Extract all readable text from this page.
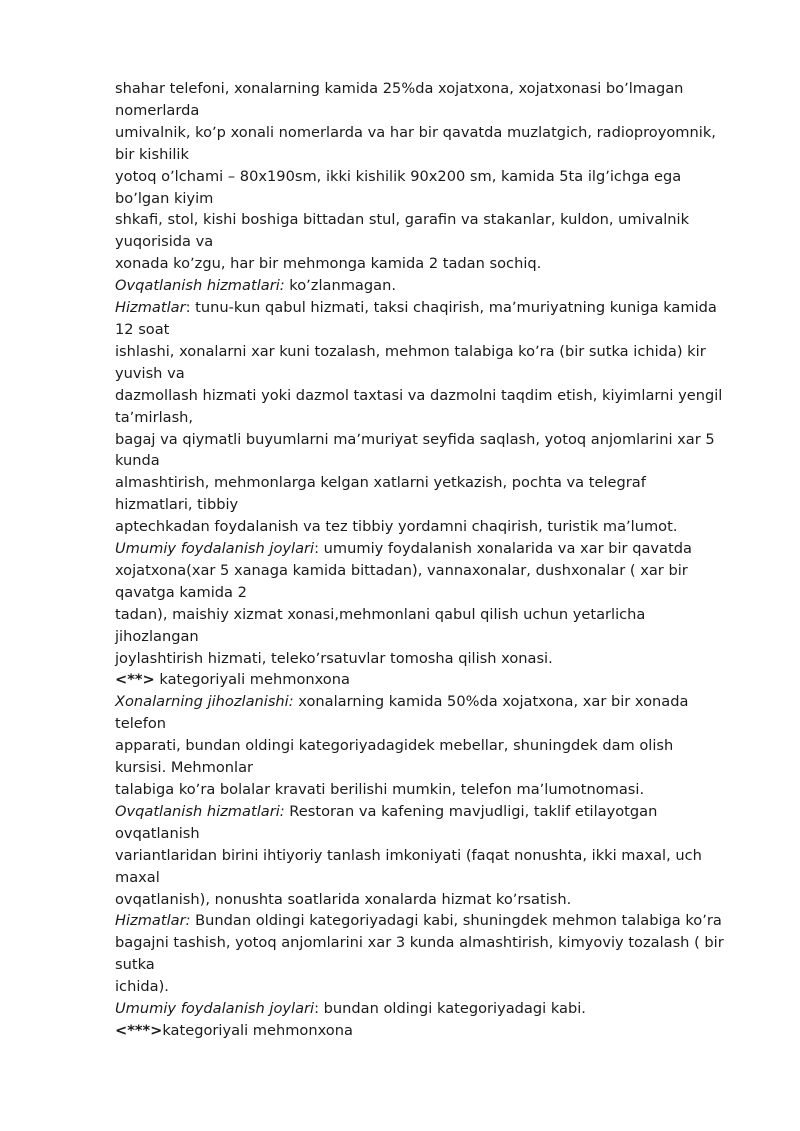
shahar telefoni, xonalarning kamida 25%da xojatxona, xojatxonasi boʼlmagan
nomerlarda
umivalnik, koʼp xonali nomerlarda va har bir qavatda muzlatgich, radioproyomnik,
bir kishilik
yotoq oʼlchami – 80x190sm, ikki kishilik 90x200 sm, kamida 5ta ilgʼichga ega
boʼlgan kiyim
shkafi, stol, kishi boshiga bittadan stul, garafin va stakanlar, kuldon, umivalnik
yuqorisida va
xonada koʼzgu, har bir mehmonga kamida 2 tadan sochiq.
Ovqatlanish hizmatlari: koʼzlanmagan.
Hizmatlar: tunu-kun qabul hizmati, taksi chaqirish, maʼmuriyatning kuniga kamida
12 soat
ishlashi, xonalarni xar kuni tozalash, mehmon talabiga koʼra (bir sutka ichida) kir
yuvish va
dazmollash hizmati yoki dazmol taxtasi va dazmolni taqdim etish, kiyimlarni yengil
taʼmirlash,
bagaj va qiymatli buyumlarni maʼmuriyat seyfida saqlash, yotoq anjomlarini xar 5
kunda
almashtirish, mehmonlarga kelgan xatlarni yetkazish, pochta va telegraf
hizmatlari, tibbiy
aptechkadan foydalanish va tez tibbiy yordamni chaqirish, turistik maʼlumot.
Umumiy foydalanish joylari: umumiy foydalanish xonalarida va xar bir qavatda
xojatxona(xar 5 xanaga kamida bittadan), vannaxonalar, dushxonalar ( xar bir
qavatga kamida 2
tadan), maishiy xizmat xonasi,mehmonlani qabul qilish uchun yetarlicha
jihozlangan
joylashtirish hizmati, telekoʼrsatuvlar tomosha qilish xonasi.
<**> kategoriyali mehmonxona
Xonalarning jihozlanishi: xonalarning kamida 50%da xojatxona, xar bir xonada
telefon
apparati, bundan oldingi kategoriyadagidek mebellar, shuningdek dam olish
kursisi. Mehmonlar
talabiga koʼra bolalar kravati berilishi mumkin, telefon maʼlumotnomasi.
Ovqatlanish hizmatlari: Restoran va kafening mavjudligi, taklif etilayotgan
ovqatlanish
variantlaridan birini ihtiyoriy tanlash imkoniyati (faqat nonushta, ikki maxal, uch
maxal
ovqatlanish), nonushta soatlarida xonalarda hizmat koʼrsatish.
Hizmatlar: Bundan oldingi kategoriyadagi kabi, shuningdek mehmon talabiga koʼra
bagajni tashish, yotoq anjomlarini xar 3 kunda almashtirish, kimyoviy tozalash ( bir
sutka
ichida).
Umumiy foydalanish joylari: bundan oldingi kategoriyadagi kabi.
<***>kategoriyali mehmonxona
